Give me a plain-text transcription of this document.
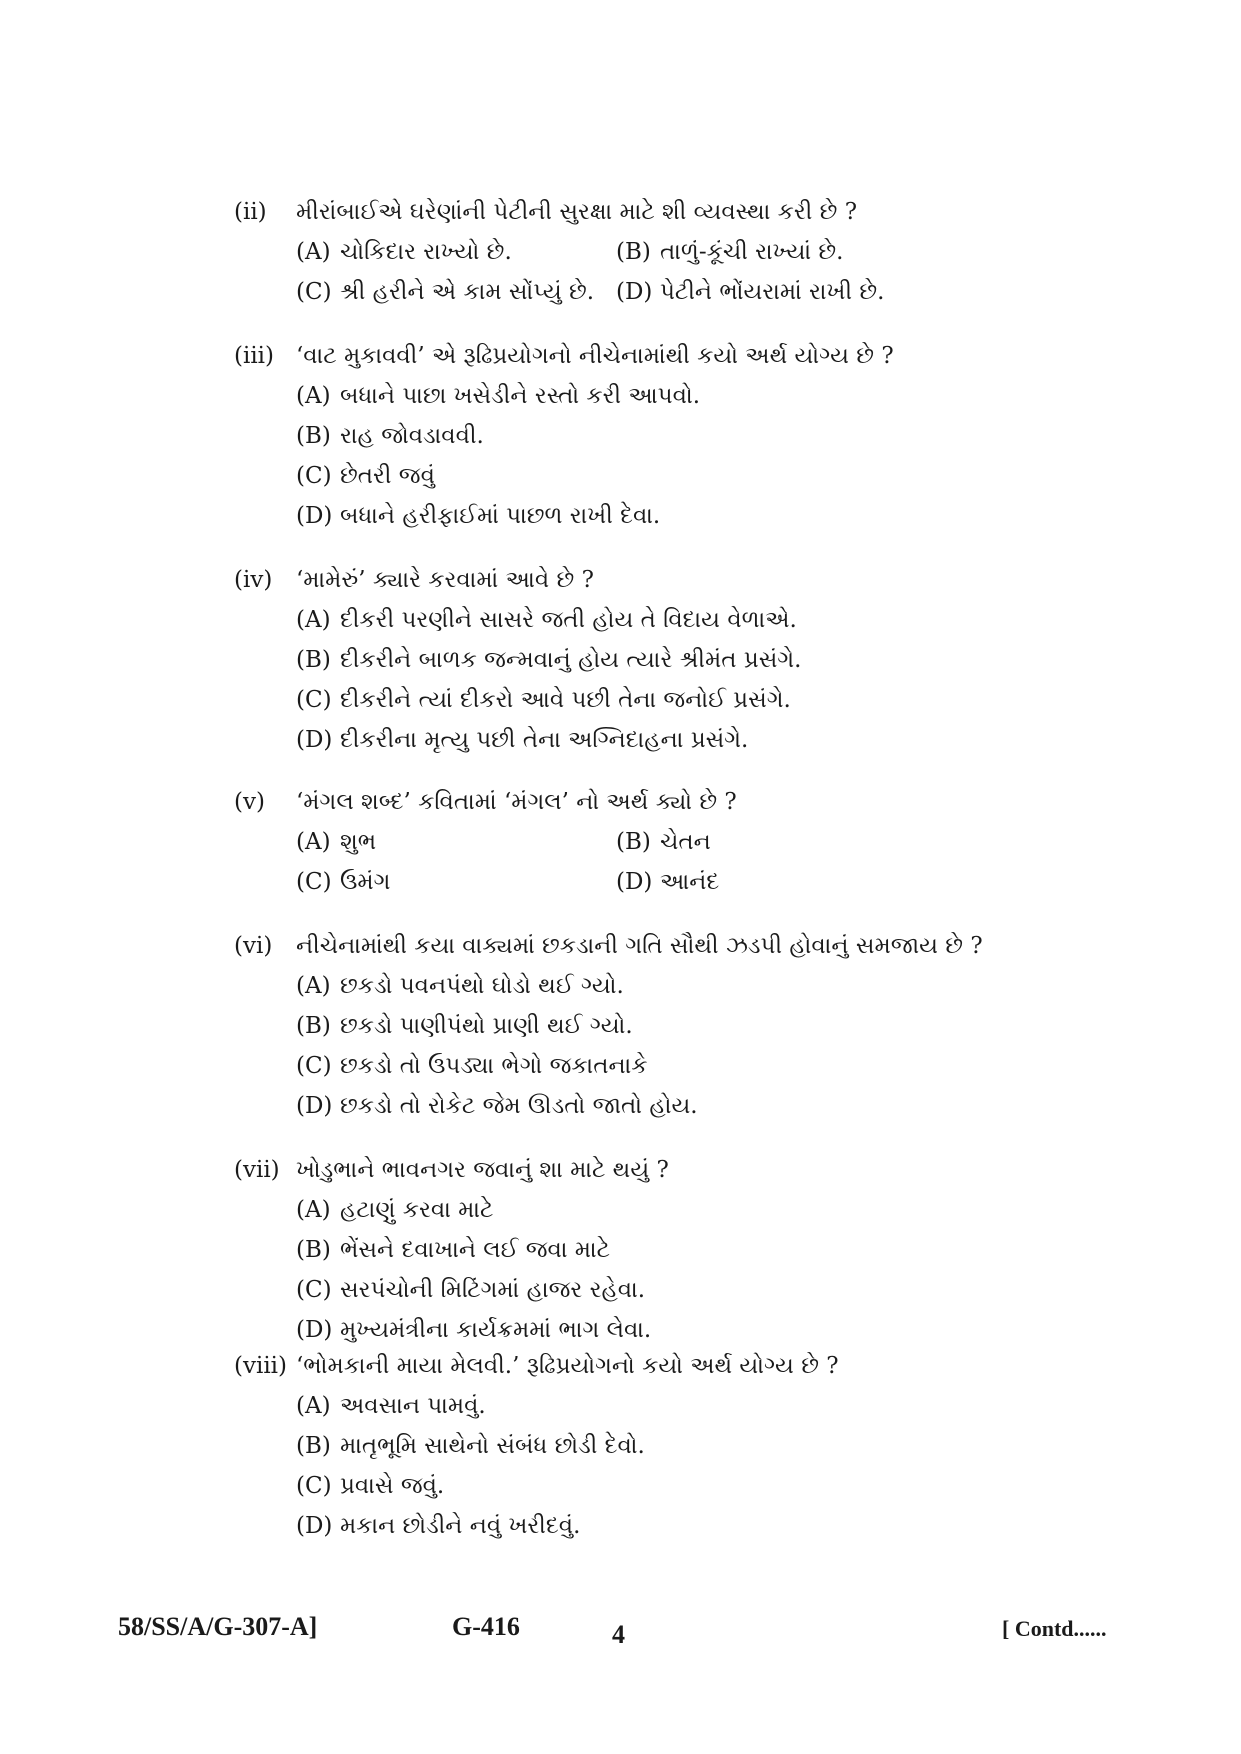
(ii)	મીરાંબાઈએ ઘરેણાંની પેટીની સુરક્ષા માટે શી વ્યવસ્થા કરી છે ?
(A) ચોકિદાર રાખ્યો છે.	(B) તાળું-કૂંચી રાખ્યાં છે.
(C) શ્રી હરીને એ કામ સોંપ્યું છે. (D) પેટીને ભોંયરામાં રાખી છે.
(iii) ‘વાટ મુકાવવી’ એ રૂઢિપ્રયોગનો નીચેનામાંથી કયો અર્થ યોગ્ય છે ?
(A) બધાને પાછા ખસેડીને રસ્તો કરી આપવો.
(B) રાહ જોવડાવવી.
(C) છેતરી જવું
(D) બધાને હરીફાઈમાં પાછળ રાખી દેવા.
(iv)	‘મામેરું’ ક્યારે કરવામાં આવે છે ?
(A) દીકરી પરણીને સાસરે જતી હોય તે વિદાય વેળાએ.
(B) દીકરીને બાળક જન્મવાનું હોય ત્યારે શ્રીમંત પ્રસંગે.
(C) દીકરીને ત્યાં દીકરો આવે પછી તેના જનોઈ પ્રસંગે.
(D) દીકરીના મૃત્યુ પછી તેના અગ્નિદાહના પ્રસંગે.
(v)	‘મંગલ શબ્દ’ કવિતામાં ‘મંગલ’ નો અર્થ ક્યો છે ?
(A) શુભ	(B) ચેતન
(C) ઉમંગ	(D) આનંદ
(vi)	નીચેનામાંથી કયા વાક્યમાં છકડાની ગતિ સૌથી ઝડપી હોવાનું સમજાય છે ?
(A) છકડો પવનપંથો ઘોડો થઈ ગ્યો.
(B) છકડો પાણીપંથો પ્રાણી થઈ ગ્યો.
(C) છકડો તો ઉપડ્યા ભેગો જકાતનાકે
(D) છકડો તો રોકેટ જેમ ઊડતો જાતો હોય.
(vii) ખોડુભાને ભાવનગર જવાનું શા માટે થયું ?
(A) હટાણું કરવા માટે
(B) ભેંસને દવાખાને લઈ જવા માટે
(C) સરપંચોની મિટિંગમાં હાજર રહેવા.
(D) મુખ્યમંત્રીના કાર્યક્રમમાં ભાગ લેવા.
(viii) ‘ભોમકાની માયા મેલવી.’ રૂઢિપ્રયોગનો કયો અર્થ યોગ્ય છે ?
(A) અવસાન પામવું.
(B) માતૃભૂમિ સાથેનો સંબંધ છોડી દેવો.
(C) પ્રવાસે જવું.
(D) મકાન છોડીને નવું ખરીદવું.
58/SS/A/G-307-A]	G-416	4	[ Contd......
